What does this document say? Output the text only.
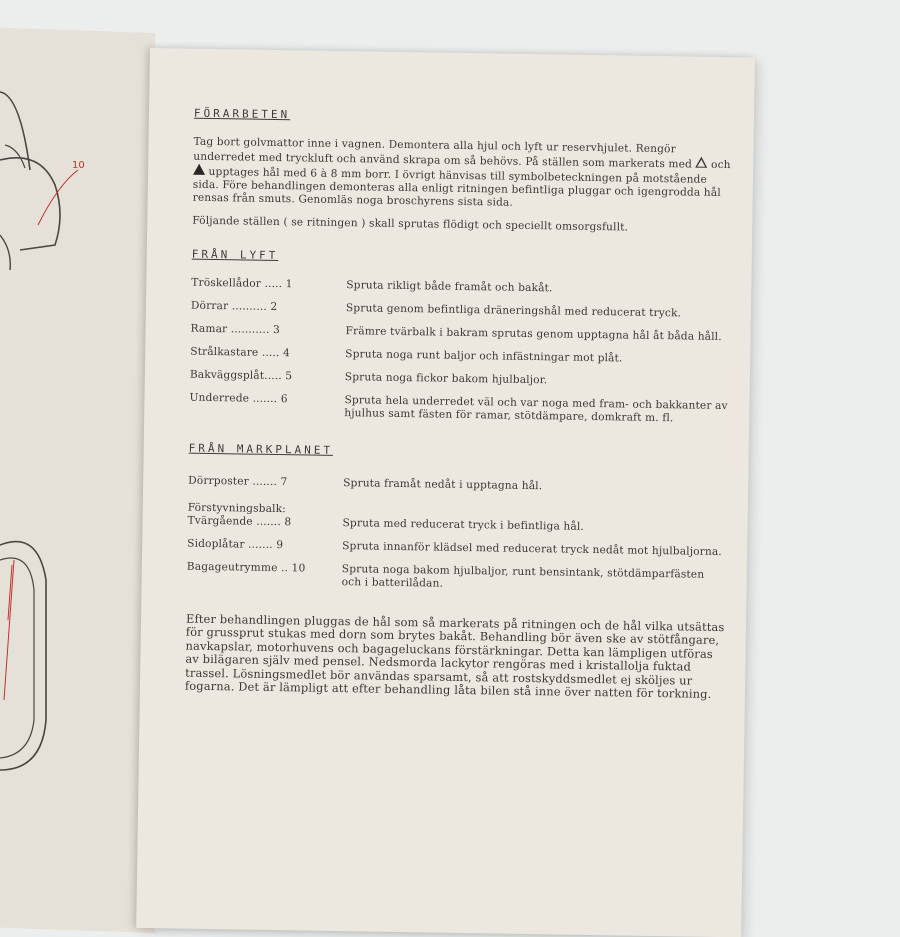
10
FÖRARBETEN

Tag bort golvmattor inne i vagnen. Demontera alla hjul och lyft ur reservhjulet. Rengör underredet med tryckluft och använd skrapa om så behövs. På ställen som markerats med och  upptages hål med 6 à 8 mm borr. I övrigt hänvisas till symbolbeteckningen på motstående sida. Före behandlingen demonteras alla enligt ritningen befintliga pluggar och igengrodda hål rensas från smuts. Genomläs noga broschyrens sista sida.

Följande ställen ( se ritningen ) skall sprutas flödigt och speciellt omsorgsfullt.

FRÅN LYFT
Tröskellådor ..... 1	Spruta rikligt både framåt och bakåt.
Dörrar .......... 2	Spruta genom befintliga dräneringshål med reducerat tryck.
Ramar ........... 3	Främre tvärbalk i bakram sprutas genom upptagna hål åt båda håll.
Strålkastare ..... 4	Spruta noga runt baljor och infästningar mot plåt.
Bakväggsplåt..... 5	Spruta noga fickor bakom hjulbaljor.
Underrede ....... 6	Spruta hela underredet väl och var noga med fram- och bakkanter av hjulhus samt fästen för ramar, stötdämpare, domkraft m. fl.
FRÅN MARKPLANET
Dörrposter ....... 7	Spruta framåt nedåt i upptagna hål.
Förstyvningsbalk:
Tvärgående ....... 8	Spruta med reducerat tryck i befintliga hål.
Sidoplåtar ....... 9	Spruta innanför klädsel med reducerat tryck nedåt mot hjulbaljorna.
Bagageutrymme .. 10	Spruta noga bakom hjulbaljor, runt bensintank, stötdämparfästen och i batterilådan.

Efter behandlingen pluggas de hål som så markerats på ritningen och de hål vilka utsättas för grussprut stukas med dorn som brytes bakåt. Behandling bör även ske av stötfångare, navkapslar, motorhuvens och bagageluckans förstärkningar. Detta kan lämpligen utföras av bilägaren själv med pensel. Nedsmorda lackytor rengöras med i kristallolja fuktad trassel. Lösningsmedlet bör användas sparsamt, så att rostskyddsmedlet ej sköljes ur fogarna. Det är lämpligt att efter behandling låta bilen stå inne över natten för torkning.
